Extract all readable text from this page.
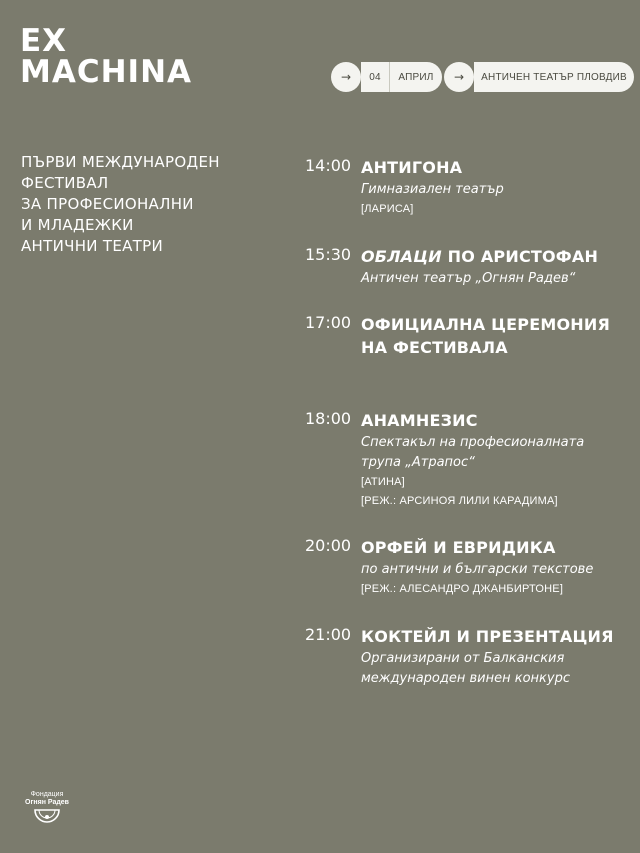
EX
MACHINA	→	04	АПРИЛ	→	АНТИЧЕН ТЕАТЪР ПЛОВДИВ
ПЪРВИ МЕЖДУНАРОДЕН
ФЕСТИВАЛ
ЗА ПРОФЕСИОНАЛНИ
И МЛАДЕЖКИ
АНТИЧНИ ТЕАТРИ
14:00 АНТИГОНА
Гимназиален театър
[ЛАРИСА]
15:30 ОБЛАЦИ ПО АРИСТОФАН
Античен театър „Огнян Радев“
17:00 ОФИЦИАЛНА ЦЕРЕМОНИЯ
НА ФЕСТИВАЛА
18:00 АНАМНЕЗИС
Спектакъл на професионалната
трупа „Атрапос“
[АТИНА]
[РЕЖ.: АРСИНОЯ ЛИЛИ КАРАДИМА]
20:00 ОРФЕЙ И ЕВРИДИКА
по антични и български текстове
[РЕЖ.: АЛЕСАНДРО ДЖАНБИРТОНЕ]
21:00 КОКТЕЙЛ И ПРЕЗЕНТАЦИЯ
Организирани от Балканския
международен винен конкурс
Фондация
Огнян Радев
